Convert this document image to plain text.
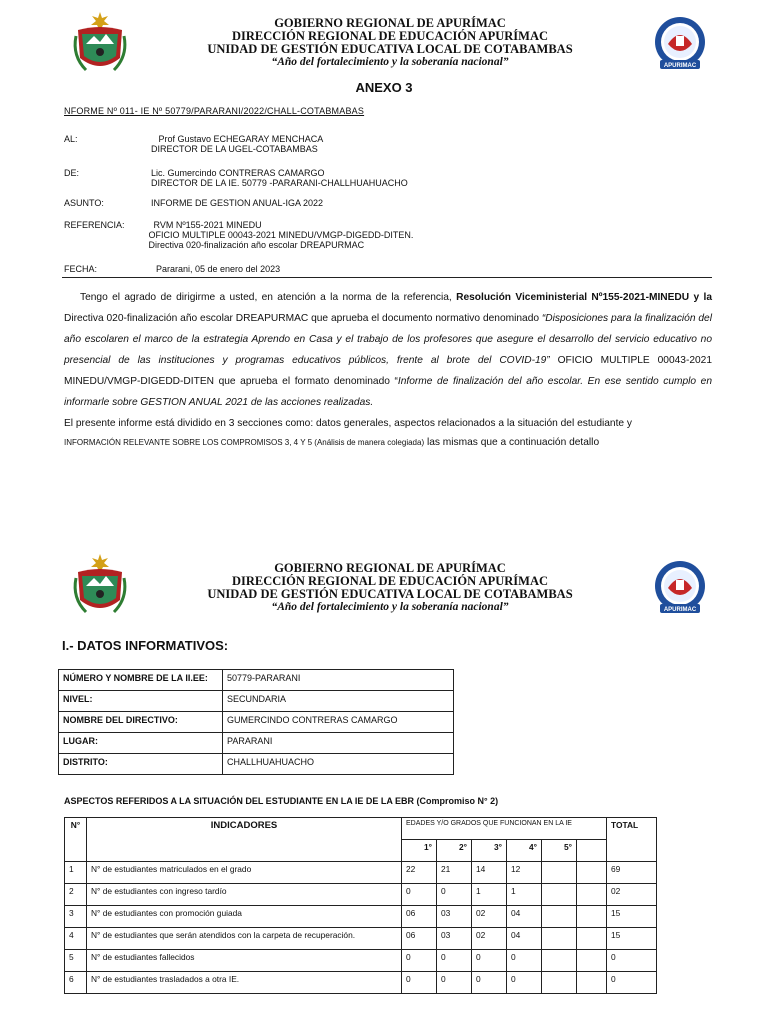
GOBIERNO REGIONAL DE APURÍMAC
DIRECCIÓN REGIONAL DE EDUCACIÓN APURÍMAC
UNIDAD DE GESTIÓN EDUCATIVA LOCAL DE COTABAMBAS
“Año del fortalecimiento y la soberanía nacional”	APURIMAC
ANEXO 3
NFORME Nº 011- IE Nº 50779/PARARANI/2022/CHALL-COTABMABAS
AL:	Prof Gustavo ECHEGARAY MENCHACA
DIRECTOR DE LA UGEL-COTABAMBAS
DE:	Lic. Gumercindo CONTRERAS CAMARGO
DIRECTOR DE LA IE. 50779 -PARARANI-CHALLHUAHUACHO
ASUNTO:	INFORME DE GESTION ANUAL-IGA 2022
REFERENCIA:	RVM Nº155-2021 MINEDU
OFICIO MULTIPLE 00043-2021 MINEDU/VMGP-DIGEDD-DITEN.
Directiva 020-finalización año escolar DREAPURMAC
FECHA:	Pararani, 05 de enero del 2023
Tengo el agrado de dirigirme a usted, en atención a la norma de la referencia, Resolución Viceministerial Nº155-2021-MINEDU y la Directiva 020-finalización año escolar DREAPURMAC que aprueba el documento normativo denominado “Disposiciones para la finalización del año escolaren el marco de la estrategia Aprendo en Casa y el trabajo de los profesores que asegure el desarrollo del servicio educativo no presencial de las instituciones y programas educativos públicos, frente al brote del COVID-19” OFICIO MULTIPLE 00043-2021 MINEDU/VMGP-DIGEDD-DITEN que aprueba el formato denominado “Informe de finalización del año escolar. En ese sentido cumplo en informarle sobre GESTION ANUAL 2021 de las acciones realizadas.
El presente informe está dividido en 3 secciones como: datos generales, aspectos relacionados a la situación del estudiante y
INFORMACIÓN RELEVANTE SOBRE LOS COMPROMISOS 3, 4 Y 5 (Análisis de manera colegiada) las mismas que a continuación detallo
GOBIERNO REGIONAL DE APURÍMAC
DIRECCIÓN REGIONAL DE EDUCACIÓN APURÍMAC
UNIDAD DE GESTIÓN EDUCATIVA LOCAL DE COTABAMBAS
“Año del fortalecimiento y la soberanía nacional”	APURIMAC
I.- DATOS INFORMATIVOS:
NÚMERO Y NOMBRE DE LA II.EE:	50779-PARARANI
NIVEL:	SECUNDARIA
NOMBRE DEL DIRECTIVO:	GUMERCINDO CONTRERAS CAMARGO
LUGAR:	PARARANI
DISTRITO:	CHALLHUAHUACHO
ASPECTOS REFERIDOS A LA SITUACIÓN DEL ESTUDIANTE EN LA IE DE LA EBR (Compromiso N° 2)
N°	INDICADORES	EDADES Y/O GRADOS QUE FUNCIONAN EN LA IE						TOTAL
		1°	2°	3°	4°	5°		
1	N° de estudiantes matriculados en el grado	22	21	14	12			69
2	N° de estudiantes con ingreso tardío	0	0	1	1			02
3	N° de estudiantes con promoción guiada	06	03	02	04			15
4	N° de estudiantes que serán atendidos con la carpeta de recuperación.	06	03	02	04			15
5	N° de estudiantes fallecidos	0	0	0	0			0
6	N° de estudiantes trasladados a otra IE.	0	0	0	0			0
